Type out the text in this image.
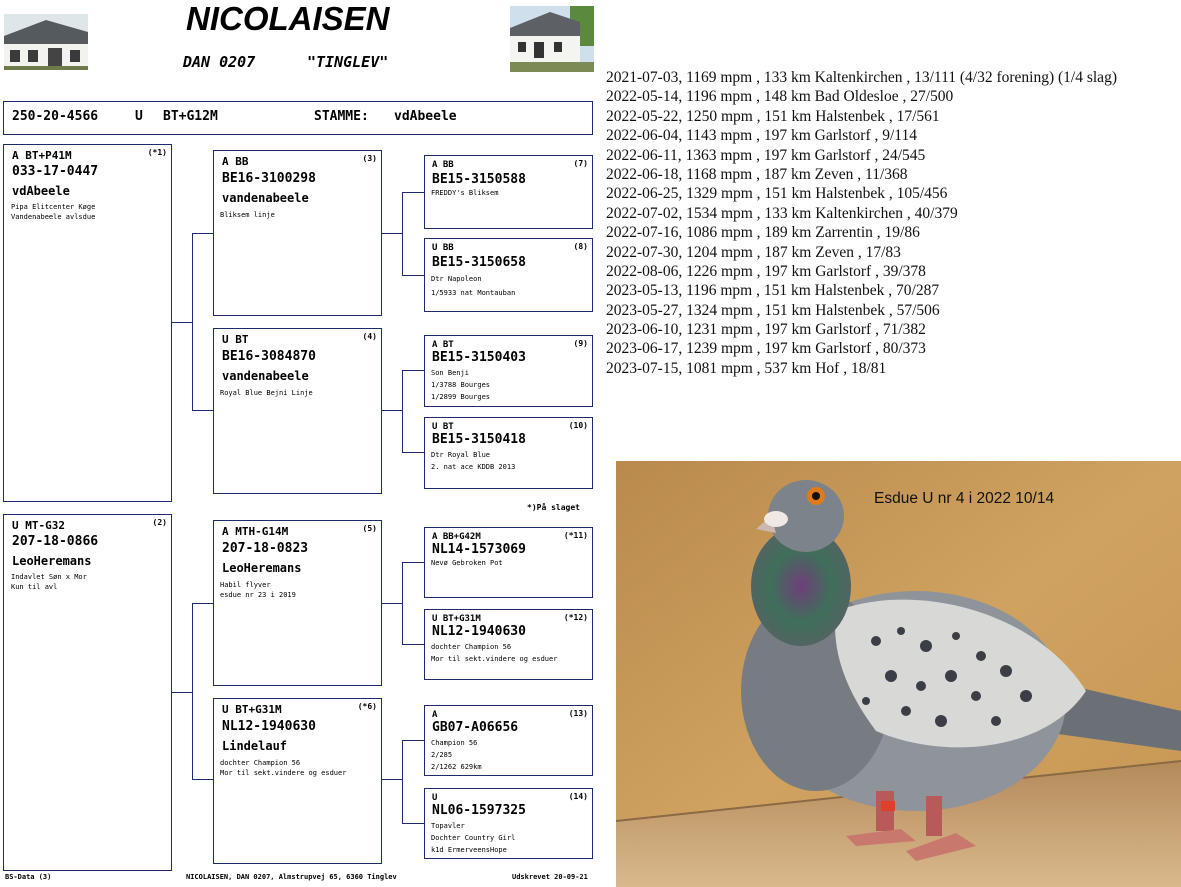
NICOLAISEN
DAN 0207	"TINGLEV"
250-20-4566	U BT+G12M	STAMME: vdAbeele
A BT+P41M	(*1)
033-17-0447
vdAbeele
Pipa Elitcenter Køge
Vandenabeele avlsdue
U MT-G32	(2)
207-18-0866
LeoHeremans
Indavlet Søn x Mor
Kun til avl
A BB	(3)
BE16-3100298
vandenabeele
Bliksem linje
U BT	(4)
BE16-3084870
vandenabeele
Royal Blue Bejni Linje
A MTH-G14M	(5)
207-18-0823
LeoHeremans
Habil flyver
esdue nr 23 i 2019
U BT+G31M	(*6)
NL12-1940630
Lindelauf
dochter Champion 56
Mor til sekt.vindere og esduer
A BB	(7)
BE15-3150588
FREDDY's Bliksem
U BB	(8)
BE15-3150658
Dtr Napoleon
1/5933 nat Montauban
A BT	(9)
BE15-3150403
Son Benji
1/3788 Bourges
1/2899 Bourges
U BT	(10)
BE15-3150418
Dtr Royal Blue
2. nat ace KDDB 2013
*)På slaget
A BB+G42M	(*11)
NL14-1573069
Nevø Gebroken Pot
U BT+G31M	(*12)
NL12-1940630
dochter Champion 56
Mor til sekt.vindere og esduer
A	(13)
GB07-A06656
Champion 56
2/285
2/1262 629km
U	(14)
NL06-1597325
Topavler
Dochter Country Girl
k1d ErmerveensHope
BS-Data (3)	NICOLAISEN, DAN 0207, Almstrupvej 65, 6360 Tinglev	Udskrevet 20-09-21
2021-07-03, 1169 mpm , 133 km Kaltenkirchen , 13/111 (4/32 forening) (1/4 slag)
2022-05-14, 1196 mpm , 148 km Bad Oldesloe , 27/500
2022-05-22, 1250 mpm , 151 km Halstenbek , 17/561
2022-06-04, 1143 mpm , 197 km Garlstorf , 9/114
2022-06-11, 1363 mpm , 197 km Garlstorf , 24/545
2022-06-18, 1168 mpm , 187 km Zeven , 11/368
2022-06-25, 1329 mpm , 151 km Halstenbek , 105/456
2022-07-02, 1534 mpm , 133 km Kaltenkirchen , 40/379
2022-07-16, 1086 mpm , 189 km Zarrentin , 19/86
2022-07-30, 1204 mpm , 187 km Zeven , 17/83
2022-08-06, 1226 mpm , 197 km Garlstorf , 39/378
2023-05-13, 1196 mpm , 151 km Halstenbek , 70/287
2023-05-27, 1324 mpm , 151 km Halstenbek , 57/506
2023-06-10, 1231 mpm , 197 km Garlstorf , 71/382
2023-06-17, 1239 mpm , 197 km Garlstorf , 80/373
2023-07-15, 1081 mpm , 537 km Hof , 18/81
Esdue U nr 4 i 2022 10/14
